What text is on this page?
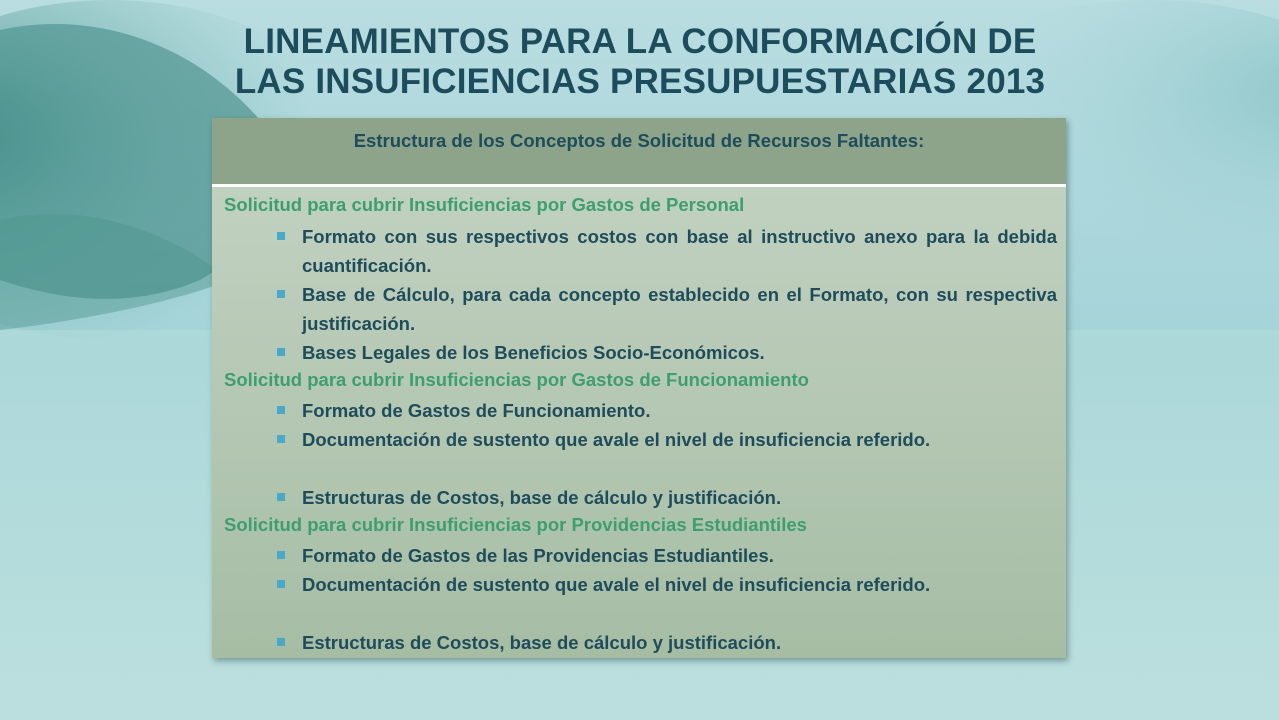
LINEAMIENTOS PARA LA CONFORMACIÓN DE
LAS INSUFICIENCIAS PRESUPUESTARIAS 2013
Estructura de los Conceptos de Solicitud de Recursos Faltantes:
Solicitud para cubrir Insuficiencias por Gastos de Personal
Formato con sus respectivos costos con base al instructivo anexo para la debida cuantificación.
Base de Cálculo, para cada concepto establecido en el Formato, con su respectiva justificación.
Bases Legales de los Beneficios Socio-Económicos.
Solicitud para cubrir Insuficiencias por Gastos de Funcionamiento
Formato de Gastos de Funcionamiento.
Documentación de sustento que avale el nivel de insuficiencia referido.
Estructuras de Costos, base de cálculo y justificación.
Solicitud para cubrir Insuficiencias por Providencias Estudiantiles
Formato de Gastos de las Providencias Estudiantiles.
Documentación de sustento que avale el nivel de insuficiencia referido.
Estructuras de Costos, base de cálculo y justificación.
